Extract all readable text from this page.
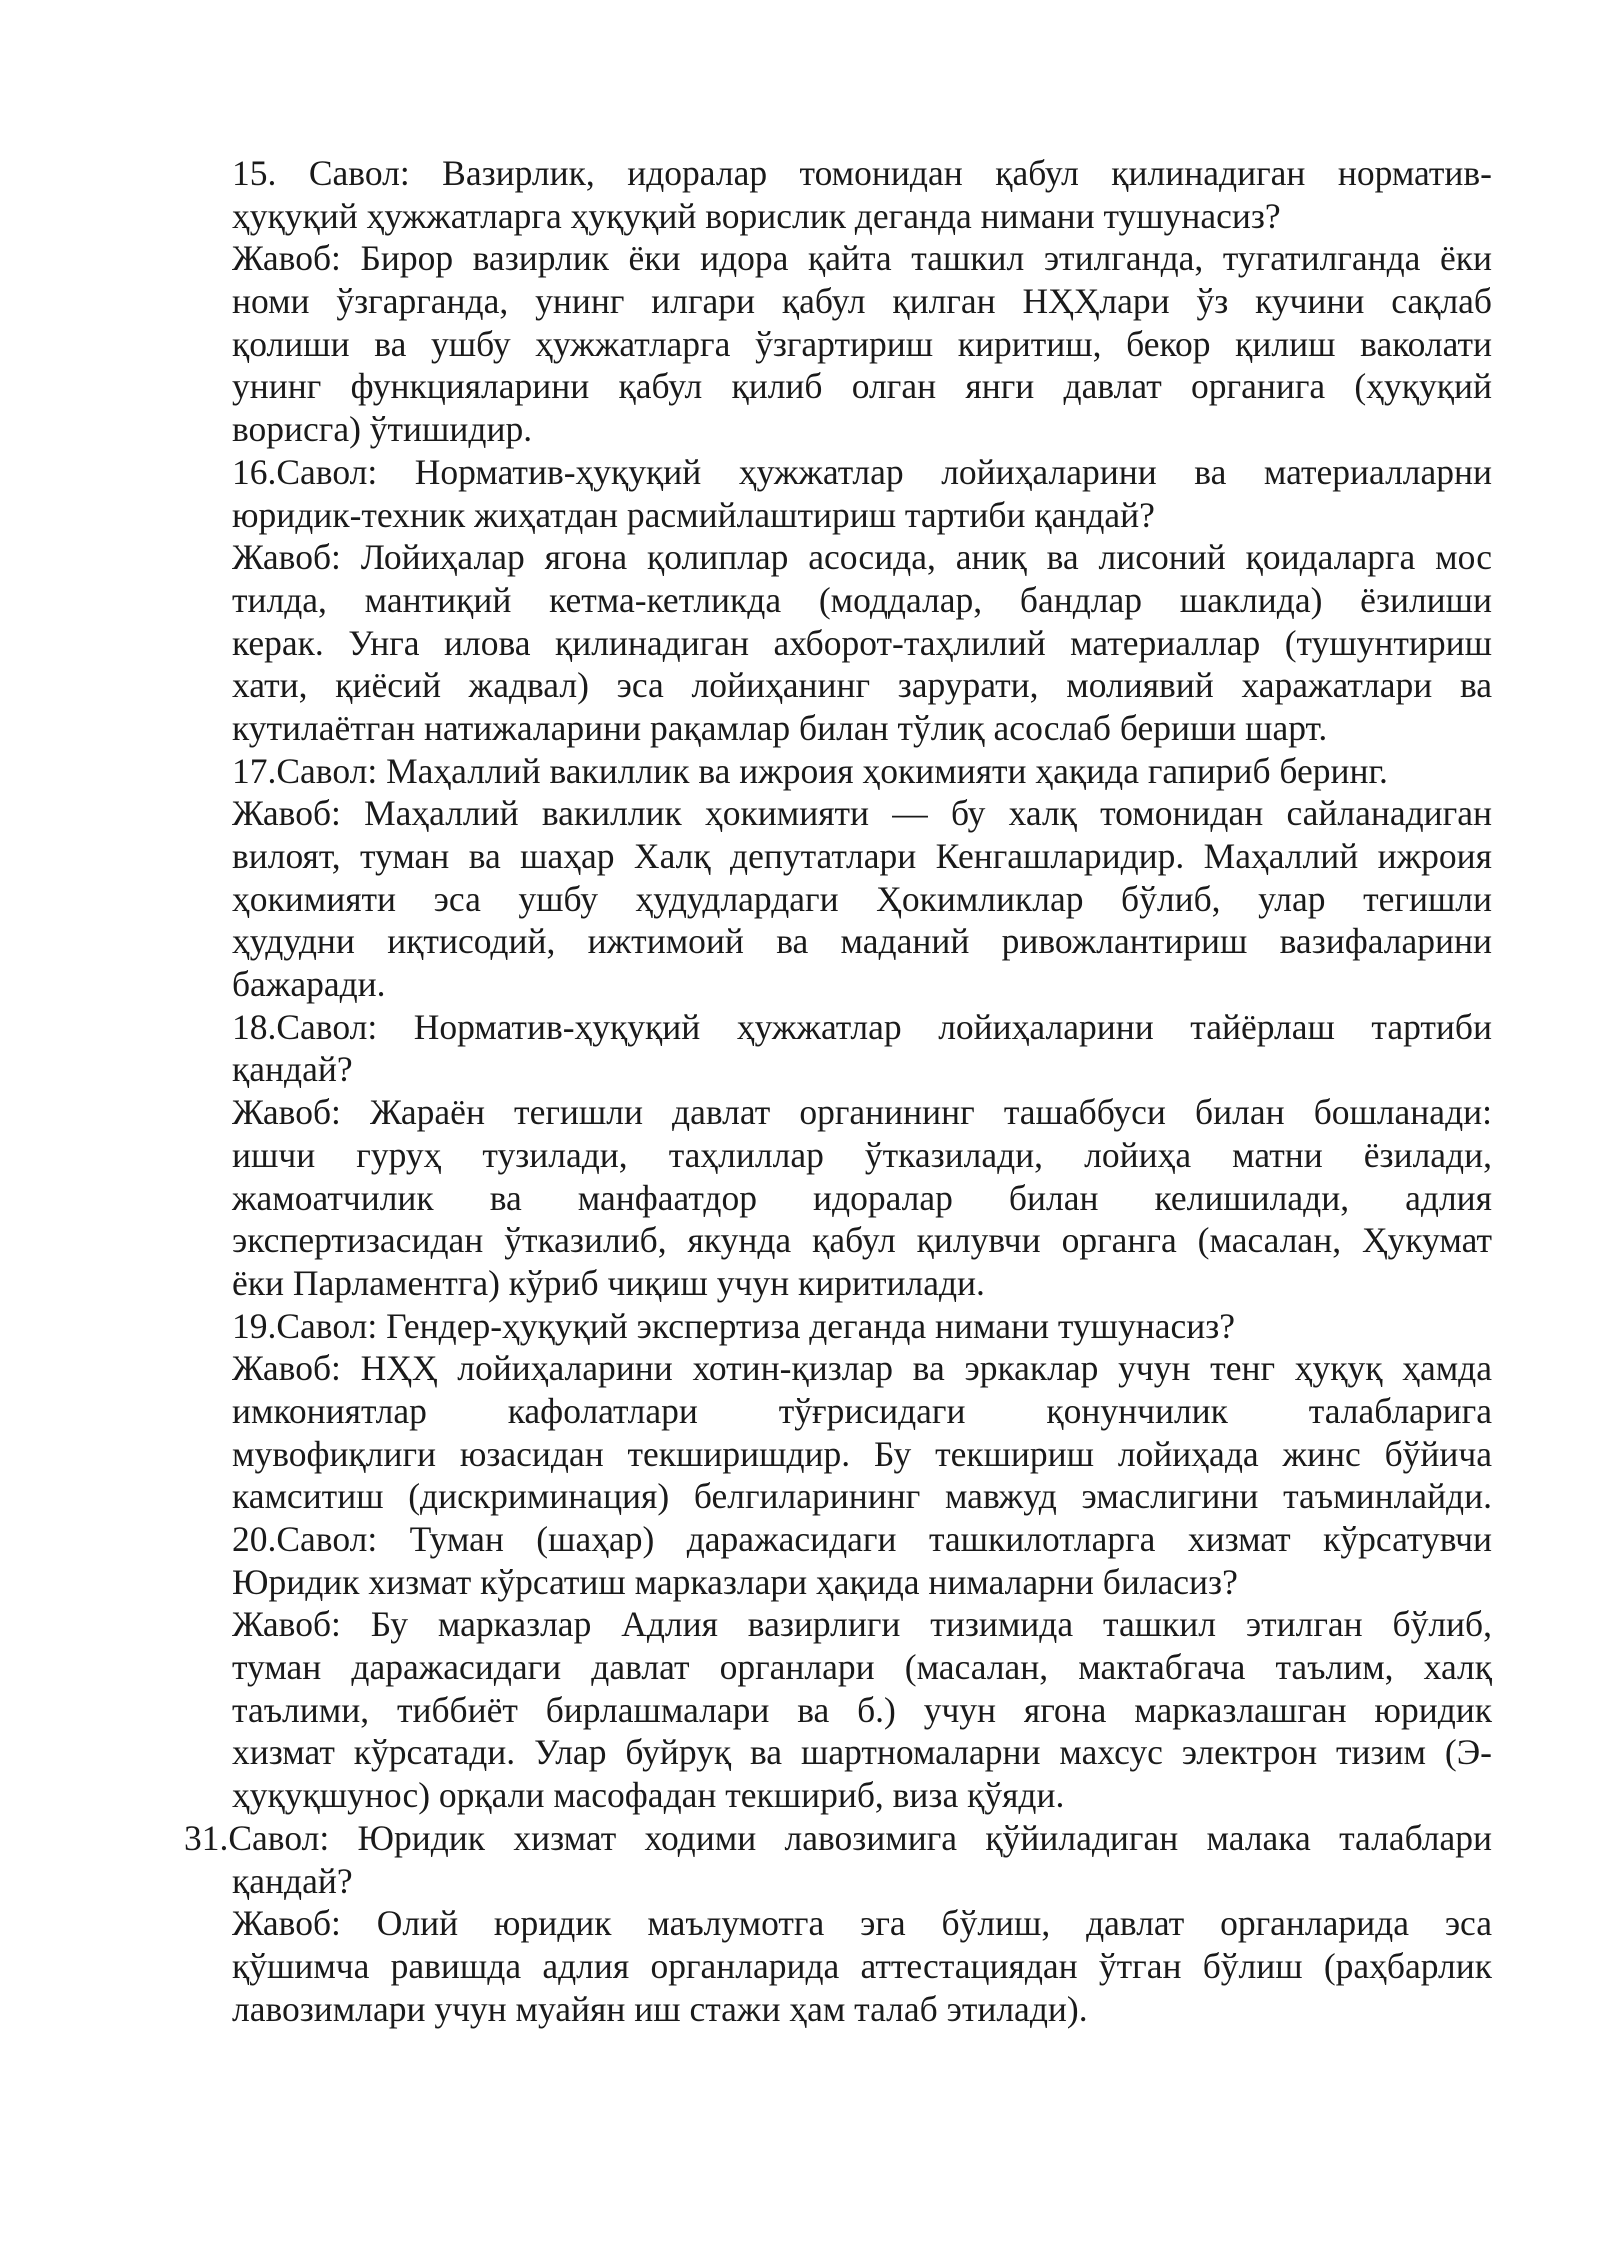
15. Савол: Вазирлик, идоралар томонидан қабул қилинадиган норматив-
ҳуқуқий ҳужжатларга ҳуқуқий ворислик деганда нимани тушунасиз?
Жавоб: Бирор вазирлик ёки идора қайта ташкил этилганда, тугатилганда ёки
номи ўзгарганда, унинг илгари қабул қилган НҲҲлари ўз кучини сақлаб
қолиши ва ушбу ҳужжатларга ўзгартириш киритиш, бекор қилиш ваколати
унинг функцияларини қабул қилиб олган янги давлат органига (ҳуқуқий
ворисга) ўтишидир.
16.Савол: Норматив-ҳуқуқий ҳужжатлар лойиҳаларини ва материалларни
юридик-техник жиҳатдан расмийлаштириш тартиби қандай?
Жавоб: Лойиҳалар ягона қолиплар асосида, аниқ ва лисоний қоидаларга мос
тилда, мантиқий кетма-кетликда (моддалар, бандлар шаклида) ёзилиши
керак. Унга илова қилинадиган ахборот-таҳлилий материаллар (тушунтириш
хати, қиёсий жадвал) эса лойиҳанинг зарурати, молиявий харажатлари ва
кутилаётган натижаларини рақамлар билан тўлиқ асослаб бериши шарт.
17.Савол: Маҳаллий вакиллик ва ижроия ҳокимияти ҳақида гапириб беринг.
Жавоб: Маҳаллий вакиллик ҳокимияти — бу халқ томонидан сайланадиган
вилоят, туман ва шаҳар Халқ депутатлари Кенгашларидир. Маҳаллий ижроия
ҳокимияти эса ушбу ҳудудлардаги Ҳокимликлар бўлиб, улар тегишли
ҳудудни иқтисодий, ижтимоий ва маданий ривожлантириш вазифаларини
бажаради.
18.Савол: Норматив-ҳуқуқий ҳужжатлар лойиҳаларини тайёрлаш тартиби
қандай?
Жавоб: Жараён тегишли давлат органининг ташаббуси билан бошланади:
ишчи гуруҳ тузилади, таҳлиллар ўтказилади, лойиҳа матни ёзилади,
жамоатчилик ва манфаатдор идоралар билан келишилади, адлия
экспертизасидан ўтказилиб, якунда қабул қилувчи органга (масалан, Ҳукумат
ёки Парламентга) кўриб чиқиш учун киритилади.
19.Савол: Гендер-ҳуқуқий экспертиза деганда нимани тушунасиз?
Жавоб: НҲҲ лойиҳаларини хотин-қизлар ва эркаклар учун тенг ҳуқуқ ҳамда
имкониятлар кафолатлари тўғрисидаги қонунчилик талабларига
мувофиқлиги юзасидан текширишдир. Бу текшириш лойиҳада жинс бўйича
камситиш (дискриминация) белгиларининг мавжуд эмаслигини таъминлайди.
20.Савол: Туман (шаҳар) даражасидаги ташкилотларга хизмат кўрсатувчи
Юридик хизмат кўрсатиш марказлари ҳақида нималарни биласиз?
Жавоб: Бу марказлар Адлия вазирлиги тизимида ташкил этилган бўлиб,
туман даражасидаги давлат органлари (масалан, мактабгача таълим, халқ
таълими, тиббиёт бирлашмалари ва б.) учун ягона марказлашган юридик
хизмат кўрсатади. Улар буйруқ ва шартномаларни махсус электрон тизим (Э-
ҳуқуқшунос) орқали масофадан текшириб, виза қўяди.
31.Савол: Юридик хизмат ходими лавозимига қўйиладиган малака талаблари
қандай?
Жавоб: Олий юридик маълумотга эга бўлиш, давлат органларида эса
қўшимча равишда адлия органларида аттестациядан ўтган бўлиш (раҳбарлик
лавозимлари учун муайян иш стажи ҳам талаб этилади).
